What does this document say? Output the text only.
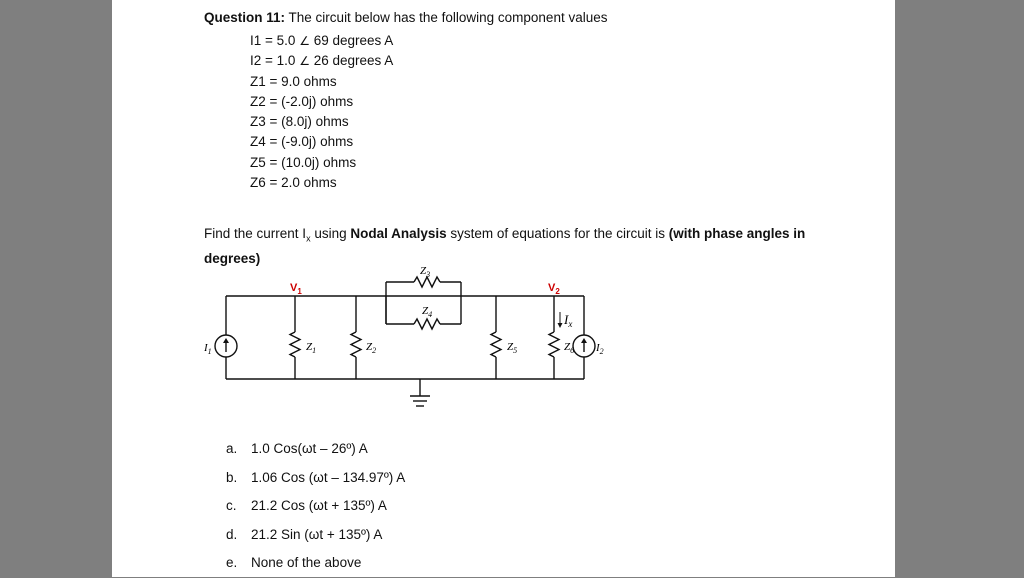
Question 11: The circuit below has the following component values
I1 = 5.0 ∠ 69 degrees A
I2 = 1.0 ∠ 26 degrees A
Z1 = 9.0 ohms
Z2 = (-2.0j) ohms
Z3 = (8.0j) ohms
Z4 = (-9.0j) ohms
Z5 = (10.0j) ohms
Z6 = 2.0 ohms
Find the current $I_x$ using Nodal Analysis system of equations for the circuit is (with phase angles in degrees)
$I_1$	$I_2$
$Z_1$	$Z_2$
$Z_3$
$Z_4$
$Z_5$	$Z_6$
$V_1$	$V_2$
$I_x$
a. 1.0 Cos(ωt – 26º) A
b. 1.06 Cos (ωt – 134.97º) A
c. 21.2 Cos (ωt + 135º) A
d. 21.2 Sin (ωt + 135º) A
e. None of the above
